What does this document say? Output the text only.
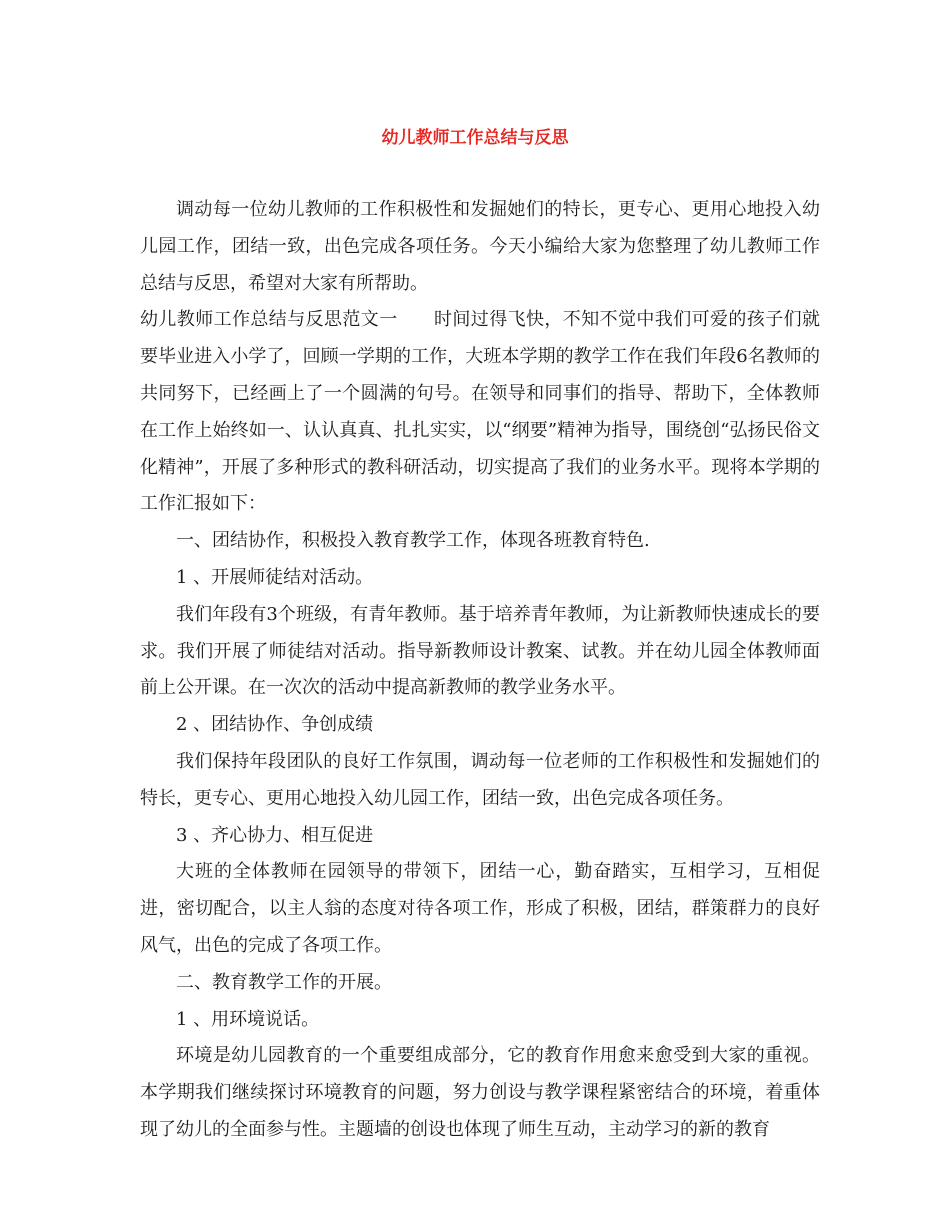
幼儿教师工作总结与反思

调动每一位幼儿教师的工作积极性和发掘她们的特长，更专心、更用心地投入幼儿园工作，团结一致，出色完成各项任务。今天小编给大家为您整理了幼儿教师工作总结与反思，希望对大家有所帮助。

幼儿教师工作总结与反思范文一 时间过得飞快，不知不觉中我们可爱的孩子们就要毕业进入小学了，回顾一学期的工作，大班本学期的教学工作在我们年段6名教师的共同努下，已经画上了一个圆满的句号。在领导和同事们的指导、帮助下，全体教师在工作上始终如一、认认真真、扎扎实实，以“纲要”精神为指导，围绕创“弘扬民俗文化精神”，开展了多种形式的教科研活动，切实提高了我们的业务水平。现将本学期的工作汇报如下：

一、团结协作，积极投入教育教学工作，体现各班教育特色.

1 、开展师徒结对活动。

我们年段有3个班级，有青年教师。基于培养青年教师，为让新教师快速成长的要求。我们开展了师徒结对活动。指导新教师设计教案、试教。并在幼儿园全体教师面前上公开课。在一次次的活动中提高新教师的教学业务水平。

2 、团结协作、争创成绩

我们保持年段团队的良好工作氛围，调动每一位老师的工作积极性和发掘她们的特长，更专心、更用心地投入幼儿园工作，团结一致，出色完成各项任务。

3 、齐心协力、相互促进

大班的全体教师在园领导的带领下，团结一心，勤奋踏实，互相学习，互相促进，密切配合，以主人翁的态度对待各项工作，形成了积极，团结，群策群力的良好风气，出色的完成了各项工作。

二、教育教学工作的开展。

1 、用环境说话。

环境是幼儿园教育的一个重要组成部分，它的教育作用愈来愈受到大家的重视。本学期我们继续探讨环境教育的问题，努力创设与教学课程紧密结合的环境，着重体现了幼儿的全面参与性。主题墙的创设也体现了师生互动，主动学习的新的教育
